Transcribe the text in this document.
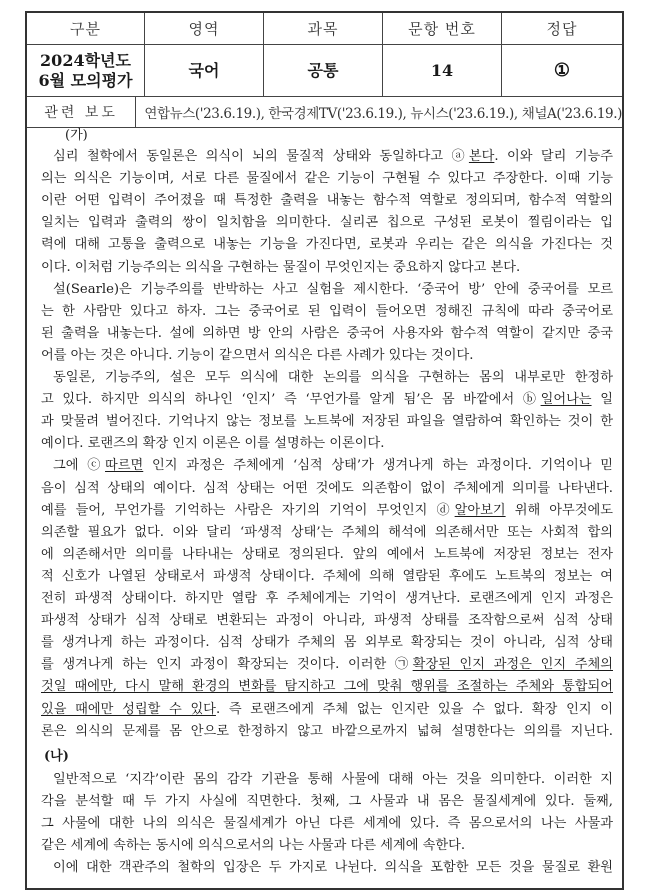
구분	영역	과목	문항 번호	정답
2024학년도
6월 모의평가
국어	공통	14	①
관련 보도	연합뉴스('23.6.19.), 한국경제TV('23.6.19.), 뉴시스('23.6.19.), 채널A('23.6.19.)
(가)
(나)
심리 철학에서 동일론은 의식이 뇌의 물질적 상태와 동일하다고 ⓐ본다. 이와 달리 기능주
의는 의식은 기능이며, 서로 다른 물질에서 같은 기능이 구현될 수 있다고 주장한다. 이때 기능
이란 어떤 입력이 주어졌을 때 특정한 출력을 내놓는 함수적 역할로 정의되며, 함수적 역할의
일치는 입력과 출력의 쌍이 일치함을 의미한다. 실리콘 칩으로 구성된 로봇이 찔림이라는 입
력에 대해 고통을 출력으로 내놓는 기능을 가진다면, 로봇과 우리는 같은 의식을 가진다는 것
이다. 이처럼 기능주의는 의식을 구현하는 물질이 무엇인지는 중요하지 않다고 본다.
설(Searle)은 기능주의를 반박하는 사고 실험을 제시한다. ‘중국어 방’ 안에 중국어를 모르
는 한 사람만 있다고 하자. 그는 중국어로 된 입력이 들어오면 정해진 규칙에 따라 중국어로
된 출력을 내놓는다. 설에 의하면 방 안의 사람은 중국어 사용자와 함수적 역할이 같지만 중국
어를 아는 것은 아니다. 기능이 같으면서 의식은 다른 사례가 있다는 것이다.
동일론, 기능주의, 설은 모두 의식에 대한 논의를 의식을 구현하는 몸의 내부로만 한정하
고 있다. 하지만 의식의 하나인 ‘인지’ 즉 ‘무언가를 알게 됨’은 몸 바깥에서 ⓑ일어나는 일
과 맞물려 벌어진다. 기억나지 않는 정보를 노트북에 저장된 파일을 열람하여 확인하는 것이 한
예이다. 로랜즈의 확장 인지 이론은 이를 설명하는 이론이다.
그에 ⓒ따르면 인지 과정은 주체에게 ‘심적 상태’가 생겨나게 하는 과정이다. 기억이나 믿
음이 심적 상태의 예이다. 심적 상태는 어떤 것에도 의존함이 없이 주체에게 의미를 나타낸다.
예를 들어, 무언가를 기억하는 사람은 자기의 기억이 무엇인지 ⓓ알아보기 위해 아무것에도
의존할 필요가 없다. 이와 달리 ‘파생적 상태’는 주체의 해석에 의존해서만 또는 사회적 합의
에 의존해서만 의미를 나타내는 상태로 정의된다. 앞의 예에서 노트북에 저장된 정보는 전자
적 신호가 나열된 상태로서 파생적 상태이다. 주체에 의해 열람된 후에도 노트북의 정보는 여
전히 파생적 상태이다. 하지만 열람 후 주체에게는 기억이 생겨난다. 로랜즈에게 인지 과정은
파생적 상태가 심적 상태로 변환되는 과정이 아니라, 파생적 상태를 조작함으로써 심적 상태
를 생겨나게 하는 과정이다. 심적 상태가 주체의 몸 외부로 확장되는 것이 아니라, 심적 상태
를 생겨나게 하는 인지 과정이 확장되는 것이다. 이러한 ㉠확장된 인지 과정은 인지 주체의
것일 때에만, 다시 말해 환경의 변화를 탐지하고 그에 맞춰 행위를 조절하는 주체와 통합되어
있을 때에만 성립할 수 있다. 즉 로랜즈에게 주체 없는 인지란 있을 수 없다. 확장 인지 이
론은 의식의 문제를 몸 안으로 한정하지 않고 바깥으로까지 넓혀 설명한다는 의의를 지닌다.
일반적으로 ‘지각’이란 몸의 감각 기관을 통해 사물에 대해 아는 것을 의미한다. 이러한 지
각을 분석할 때 두 가지 사실에 직면한다. 첫째, 그 사물과 내 몸은 물질세계에 있다. 둘째,
그 사물에 대한 나의 의식은 물질세계가 아닌 다른 세계에 있다. 즉 몸으로서의 나는 사물과
같은 세계에 속하는 동시에 의식으로서의 나는 사물과 다른 세계에 속한다.
이에 대한 객관주의 철학의 입장은 두 가지로 나뉜다. 의식을 포함한 모든 것을 물질로 환원
